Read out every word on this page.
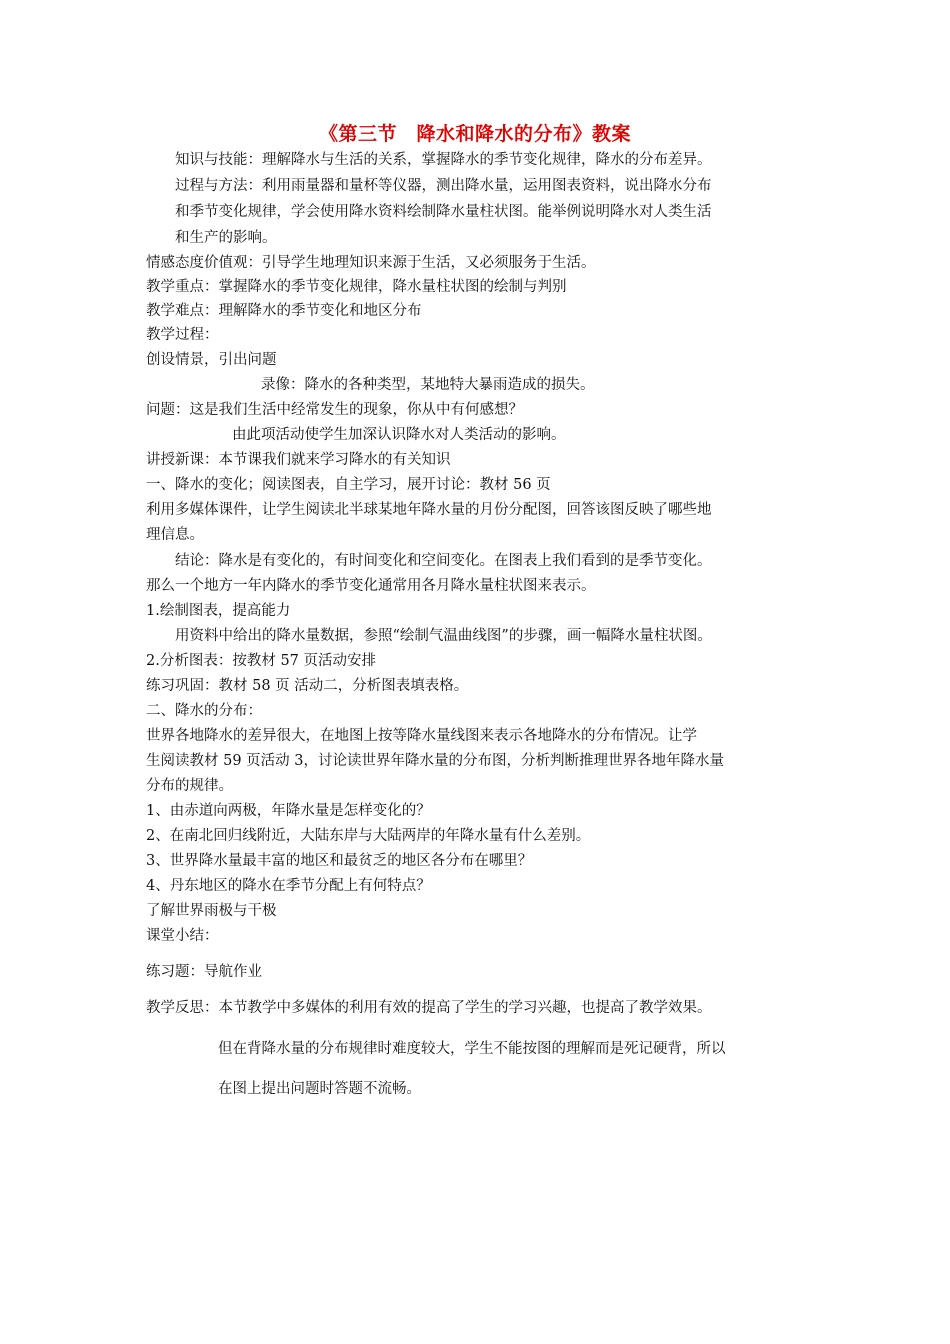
《第三节　降水和降水的分布》教案
知识与技能：理解降水与生活的关系，掌握降水的季节变化规律，降水的分布差异。
过程与方法：利用雨量器和量杯等仪器，测出降水量，运用图表资料，说出降水分布
和季节变化规律，学会使用降水资料绘制降水量柱状图。能举例说明降水对人类生活
和生产的影响。
情感态度价值观：引导学生地理知识来源于生活，又必须服务于生活。
教学重点：掌握降水的季节变化规律，降水量柱状图的绘制与判别
教学难点：理解降水的季节变化和地区分布
教学过程：
创设情景，引出问题
录像：降水的各种类型，某地特大暴雨造成的损失。
问题：这是我们生活中经常发生的现象，你从中有何感想？
由此项活动使学生加深认识降水对人类活动的影响。
讲授新课：本节课我们就来学习降水的有关知识
一、降水的变化；阅读图表，自主学习，展开讨论：教材 56 页
利用多媒体课件，让学生阅读北半球某地年降水量的月份分配图，回答该图反映了哪些地
理信息。
结论：降水是有变化的，有时间变化和空间变化。在图表上我们看到的是季节变化。
那么一个地方一年内降水的季节变化通常用各月降水量柱状图来表示。
1.绘制图表，提高能力
用资料中给出的降水量数据，参照“绘制气温曲线图”的步骤，画一幅降水量柱状图。
2.分析图表：按教材 57 页活动安排
练习巩固：教材 58 页 活动二，分析图表填表格。
二、降水的分布：
世界各地降水的差异很大，在地图上按等降水量线图来表示各地降水的分布情况。让学
生阅读教材 59 页活动 3，讨论读世界年降水量的分布图，分析判断推理世界各地年降水量
分布的规律。
1、由赤道向两极，年降水量是怎样变化的？
2、在南北回归线附近，大陆东岸与大陆两岸的年降水量有什么差别。
3、世界降水量最丰富的地区和最贫乏的地区各分布在哪里？
4、丹东地区的降水在季节分配上有何特点？
了解世界雨极与干极
课堂小结：
练习题：导航作业
教学反思：本节教学中多媒体的利用有效的提高了学生的学习兴趣，也提高了教学效果。
但在背降水量的分布规律时难度较大，学生不能按图的理解而是死记硬背，所以
在图上提出问题时答题不流畅。
